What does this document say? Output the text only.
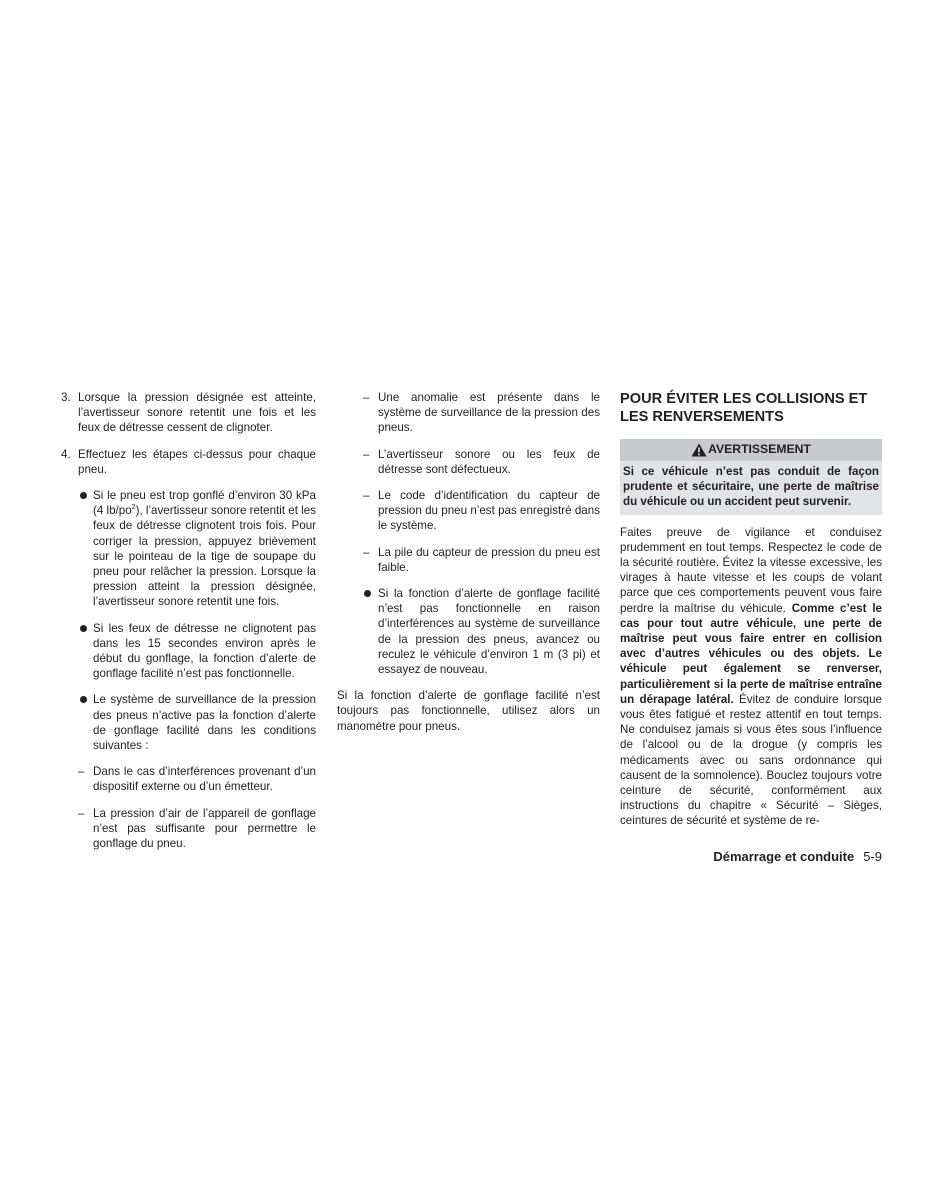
3. Lorsque la pression désignée est atteinte, l’avertisseur sonore retentit une fois et les feux de détresse cessent de clignoter.
4. Effectuez les étapes ci-dessus pour chaque pneu.
Si le pneu est trop gonflé d’environ 30 kPa (4 $lb/po^2$), l’avertisseur sonore retentit et les feux de détresse clignotent trois fois. Pour corriger la pression, appuyez brièvement sur le pointeau de la tige de soupape du pneu pour relâcher la pression. Lorsque la pression atteint la pression désignée, l’avertisseur sonore retentit une fois.
Si les feux de détresse ne clignotent pas dans les 15 secondes environ après le début du gonflage, la fonction d’alerte de gonflage facilité n’est pas fonctionnelle.
Le système de surveillance de la pression des pneus n’active pas la fonction d’alerte de gonflage facilité dans les conditions suivantes :
– Dans le cas d’interférences provenant d’un dispositif externe ou d’un émetteur.
– La pression d’air de l’appareil de gonflage n’est pas suffisante pour permettre le gonflage du pneu.
– Une anomalie est présente dans le système de surveillance de la pression des pneus.
– L’avertisseur sonore ou les feux de détresse sont défectueux.
– Le code d’identification du capteur de pression du pneu n’est pas enregistré dans le système.
– La pile du capteur de pression du pneu est faible.
Si la fonction d’alerte de gonflage facilité n’est pas fonctionnelle en raison d’interférences au système de surveillance de la pression des pneus, avancez ou reculez le véhicule d’environ 1 m (3 pi) et essayez de nouveau.

Si la fonction d’alerte de gonflage facilité n’est toujours pas fonctionnelle, utilisez alors un manomètre pour pneus.

POUR ÉVITER LES COLLISIONS ET LES RENVERSEMENTS
AVERTISSEMENT
Si ce véhicule n’est pas conduit de façon prudente et sécuritaire, une perte de maîtrise du véhicule ou un accident peut survenir.

Faites preuve de vigilance et conduisez prudemment en tout temps. Respectez le code de la sécurité routière. Évitez la vitesse excessive, les virages à haute vitesse et les coups de volant parce que ces comportements peuvent vous faire perdre la maîtrise du véhicule. Comme c’est le cas pour tout autre véhicule, une perte de maîtrise peut vous faire entrer en collision avec d’autres véhicules ou des objets. Le véhicule peut également se renverser, particulièrement si la perte de maîtrise entraîne un dérapage latéral. Évitez de conduire lorsque vous êtes fatigué et restez attentif en tout temps. Ne conduisez jamais si vous êtes sous l’influence de l’alcool ou de la drogue (y compris les médicaments avec ou sans ordonnance qui causent de la somnolence). Bouclez toujours votre ceinture de sécurité, conformément aux instructions du chapitre « Sécurité – Sièges, ceintures de sécurité et système de re-

Démarrage et conduite 5-9
